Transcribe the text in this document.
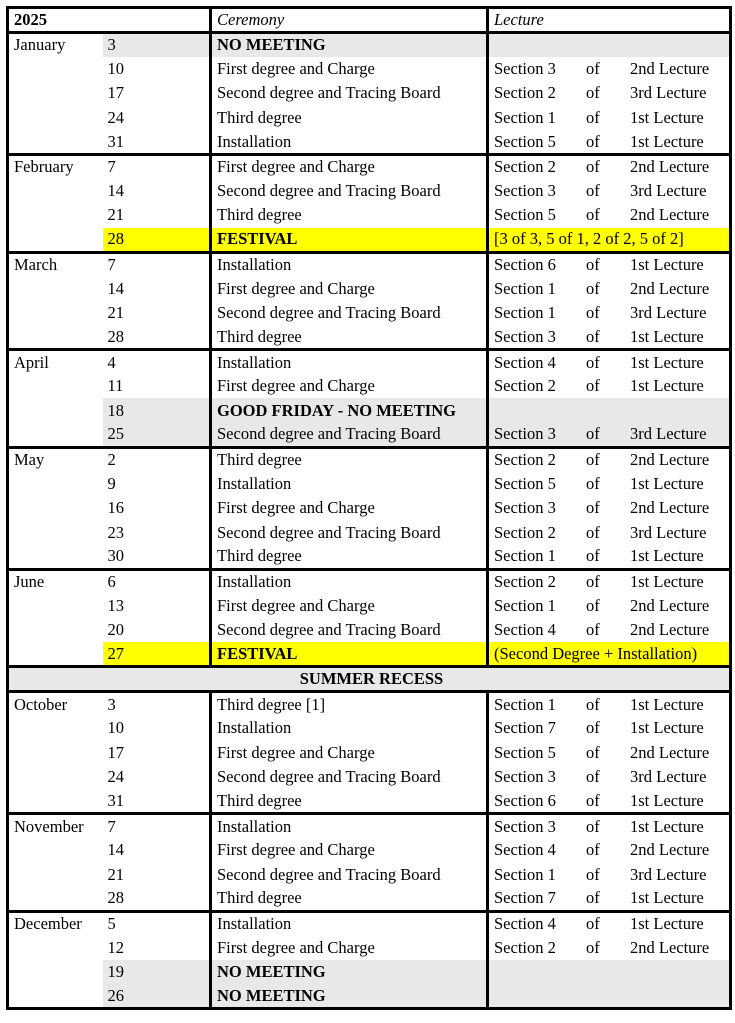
2025		Ceremony	Lecture
January	3	NO MEETING	
	10	First degree and Charge	Section 3 of 2nd Lecture
	17	Second degree and Tracing Board	Section 2 of 3rd Lecture
	24	Third degree	Section 1 of 1st Lecture
	31	Installation	Section 5 of 1st Lecture
February	7	First degree and Charge	Section 2 of 2nd Lecture
	14	Second degree and Tracing Board	Section 3 of 3rd Lecture
	21	Third degree	Section 5 of 2nd Lecture
	28	FESTIVAL	[3 of 3, 5 of 1, 2 of 2, 5 of 2]
March	7	Installation	Section 6 of 1st Lecture
	14	First degree and Charge	Section 1 of 2nd Lecture
	21	Second degree and Tracing Board	Section 1 of 3rd Lecture
	28	Third degree	Section 3 of 1st Lecture
April	4	Installation	Section 4 of 1st Lecture
	11	First degree and Charge	Section 2 of 1st Lecture
	18	GOOD FRIDAY - NO MEETING	
	25	Second degree and Tracing Board	Section 3 of 3rd Lecture
May	2	Third degree	Section 2 of 2nd Lecture
	9	Installation	Section 5 of 1st Lecture
	16	First degree and Charge	Section 3 of 2nd Lecture
	23	Second degree and Tracing Board	Section 2 of 3rd Lecture
	30	Third degree	Section 1 of 1st Lecture
June	6	Installation	Section 2 of 1st Lecture
	13	First degree and Charge	Section 1 of 2nd Lecture
	20	Second degree and Tracing Board	Section 4 of 2nd Lecture
	27	FESTIVAL	(Second Degree + Installation)
SUMMER RECESS			
October	3	Third degree [1]	Section 1 of 1st Lecture
	10	Installation	Section 7 of 1st Lecture
	17	First degree and Charge	Section 5 of 2nd Lecture
	24	Second degree and Tracing Board	Section 3 of 3rd Lecture
	31	Third degree	Section 6 of 1st Lecture
November	7	Installation	Section 3 of 1st Lecture
	14	First degree and Charge	Section 4 of 2nd Lecture
	21	Second degree and Tracing Board	Section 1 of 3rd Lecture
	28	Third degree	Section 7 of 1st Lecture
December	5	Installation	Section 4 of 1st Lecture
	12	First degree and Charge	Section 2 of 2nd Lecture
	19	NO MEETING	
	26	NO MEETING	
